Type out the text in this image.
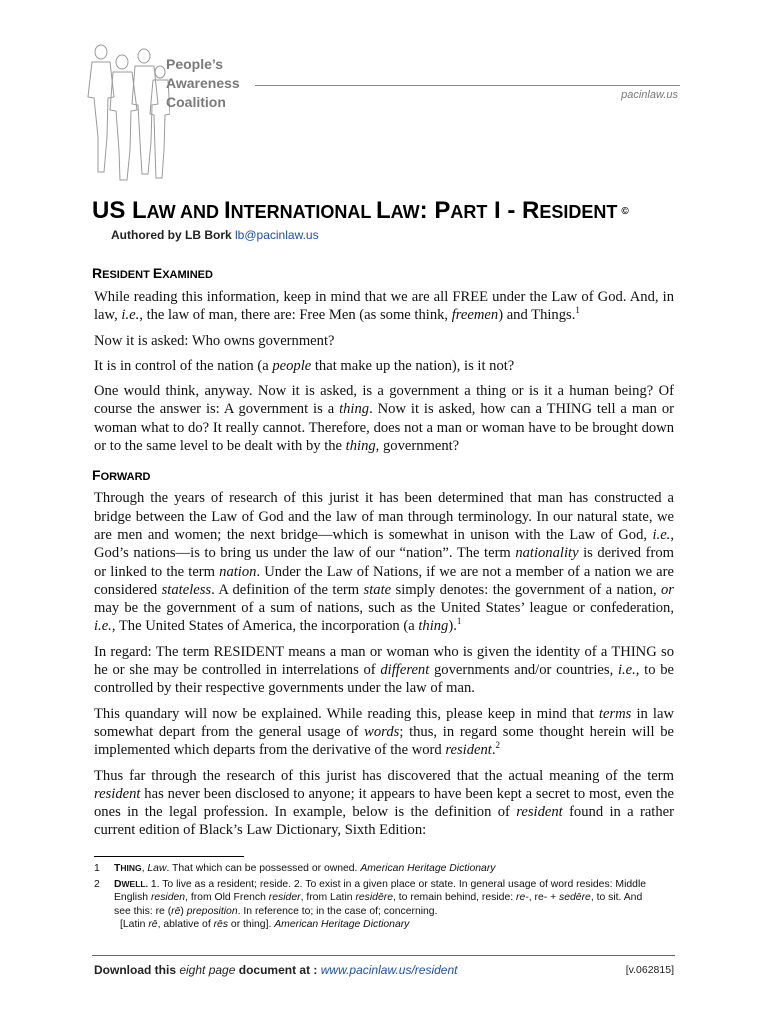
People’s
Awareness
Coalition	pacinlaw.us
US LAW AND INTERNATIONAL LAW: PART I - RESIDENT ©
Authored by LB Bork lb@pacinlaw.us
RESIDENT EXAMINED

While reading this information, keep in mind that we are all FREE under the Law of God. And, in law, i.e., the law of man, there are: Free Men (as some think, freemen) and Things.$^1$

Now it is asked: Who owns government?

It is in control of the nation (a people that make up the nation), is it not?

One would think, anyway. Now it is asked, is a government a thing or is it a human being? Of course the answer is: A government is a thing. Now it is asked, how can a THING tell a man or woman what to do? It really cannot. Therefore, does not a man or woman have to be brought down or to the same level to be dealt with by the thing, government?

FORWARD

Through the years of research of this jurist it has been determined that man has constructed a bridge between the Law of God and the law of man through terminology. In our natural state, we are men and women; the next bridge—which is somewhat in unison with the Law of God, i.e., God’s nations—is to bring us under the law of our “nation”. The term nationality is derived from or linked to the term nation. Under the Law of Nations, if we are not a member of a nation we are considered stateless. A definition of the term state simply denotes: the government of a nation, or may be the government of a sum of nations, such as the United States’ league or confederation, i.e., The United States of America, the incorporation (a thing).$^1$

In regard: The term RESIDENT means a man or woman who is given the identity of a THING so he or she may be controlled in interrelations of different governments and/or countries, i.e., to be controlled by their respective governments under the law of man.

This quandary will now be explained. While reading this, please keep in mind that terms in law somewhat depart from the general usage of words; thus, in regard some thought herein will be implemented which departs from the derivative of the word resident.$^2$

Thus far through the research of this jurist has discovered that the actual meaning of the term resident has never been disclosed to anyone; it appears to have been kept a secret to most, even the ones in the legal profession. In example, below is the definition of resident found in a rather current edition of Black’s Law Dictionary, Sixth Edition:

1 THING, Law. That which can be possessed or owned. American Heritage Dictionary
2 DWELL. 1. To live as a resident; reside. 2. To exist in a given place or state. In general usage of word resides: Middle English residen, from Old French resider, from Latin residēre, to remain behind, reside: re-, re- + sedēre, to sit. And see this: re (rē) preposition. In reference to; in the case of; concerning.
[Latin rē, ablative of rēs or thing]. American Heritage Dictionary
Download this eight page document at : www.pacinlaw.us/resident	[v.062815]
